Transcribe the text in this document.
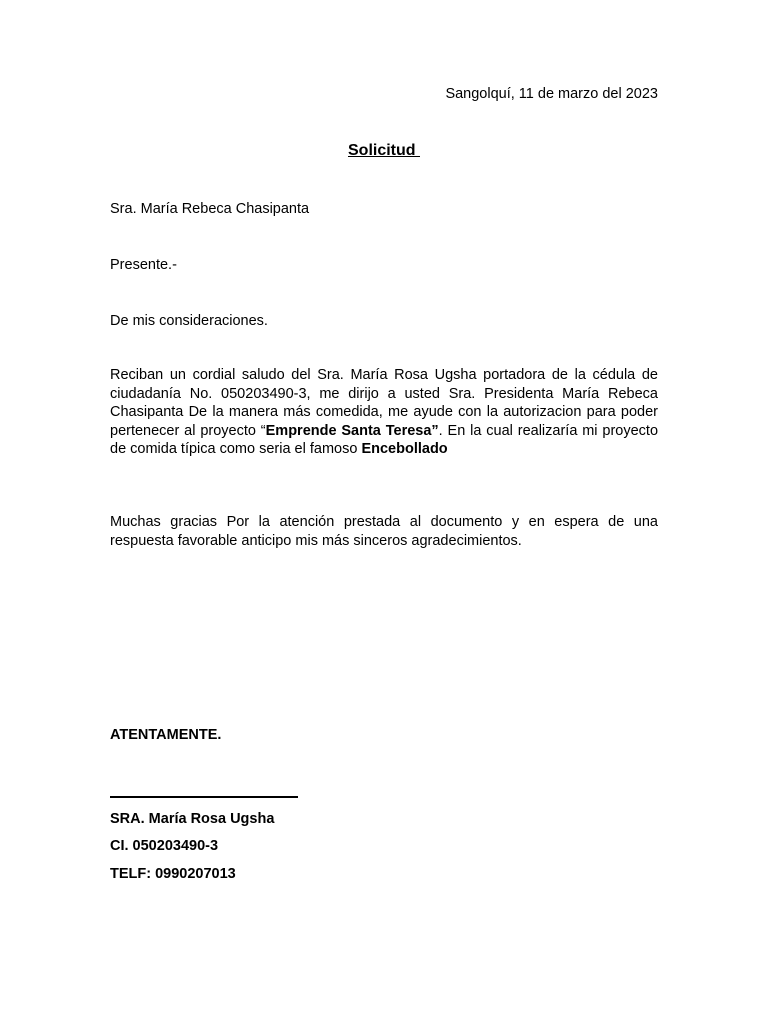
Sangolquí, 11 de marzo del 2023
Solicitud
Sra. María Rebeca Chasipanta
Presente.-
De mis consideraciones.
Reciban un cordial saludo del Sra. María Rosa Ugsha portadora de la cédula de ciudadanía No. 050203490-3, me dirijo a usted Sra. Presidenta María Rebeca Chasipanta De la manera más comedida, me ayude con la autorizacion para poder pertenecer al proyecto “Emprende Santa Teresa”. En la cual realizaría mi proyecto de comida típica como seria el famoso Encebollado
Muchas gracias Por la atención prestada al documento y en espera de una respuesta favorable anticipo mis más sinceros agradecimientos.
ATENTAMENTE.
SRA. María Rosa Ugsha
CI. 050203490-3
TELF: 0990207013
